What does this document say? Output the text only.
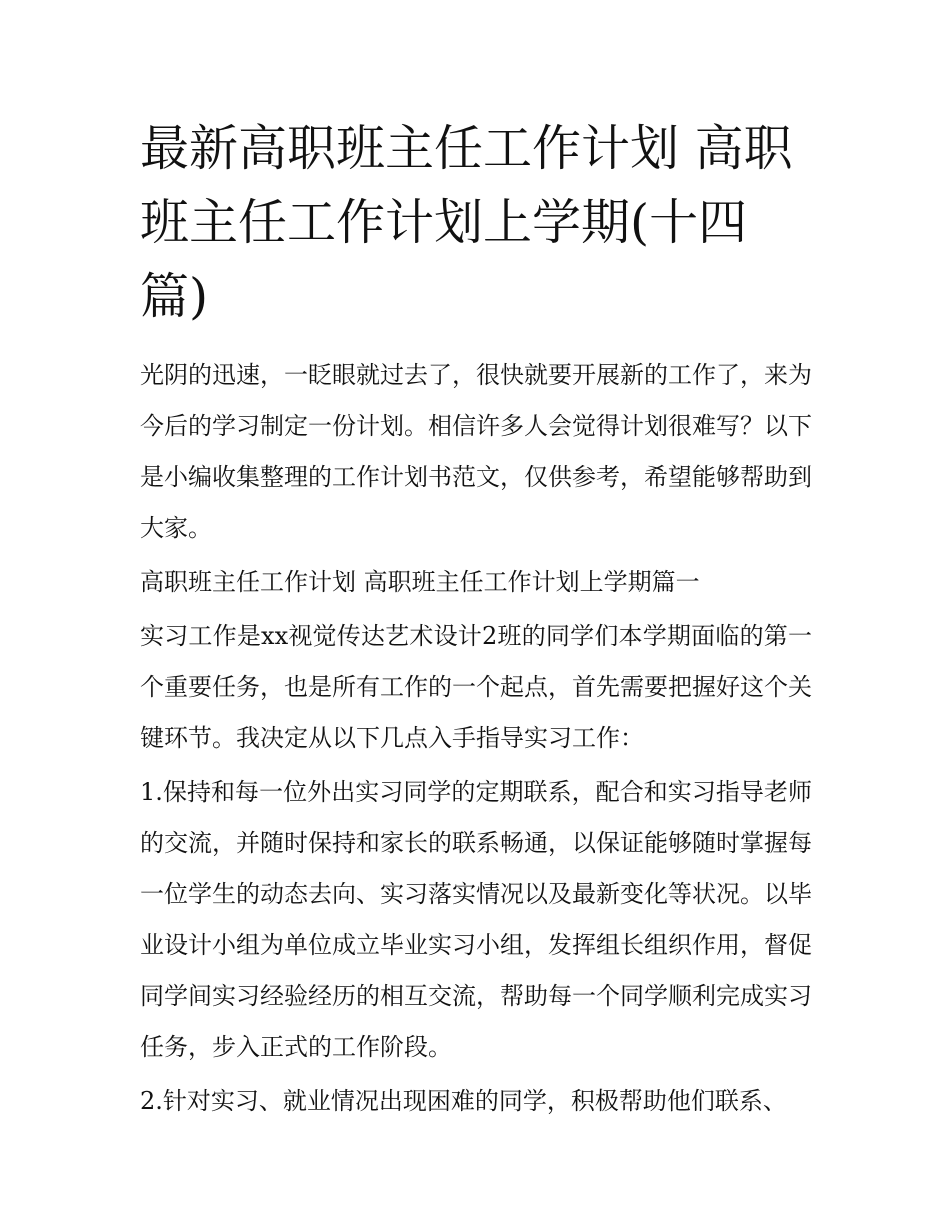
最新高职班主任工作计划 高职班主任工作计划上学期(十四篇)

光阴的迅速，一眨眼就过去了，很快就要开展新的工作了，来为今后的学习制定一份计划。相信许多人会觉得计划很难写？以下是小编收集整理的工作计划书范文，仅供参考，希望能够帮助到大家。

高职班主任工作计划 高职班主任工作计划上学期篇一

实习工作是xx视觉传达艺术设计2班的同学们本学期面临的第一个重要任务，也是所有工作的一个起点，首先需要把握好这个关键环节。我决定从以下几点入手指导实习工作：

1.保持和每一位外出实习同学的定期联系，配合和实习指导老师的交流，并随时保持和家长的联系畅通，以保证能够随时掌握每一位学生的动态去向、实习落实情况以及最新变化等状况。以毕业设计小组为单位成立毕业实习小组，发挥组长组织作用，督促同学间实习经验经历的相互交流，帮助每一个同学顺利完成实习任务，步入正式的工作阶段。

2.针对实习、就业情况出现困难的同学，积极帮助他们联系、
